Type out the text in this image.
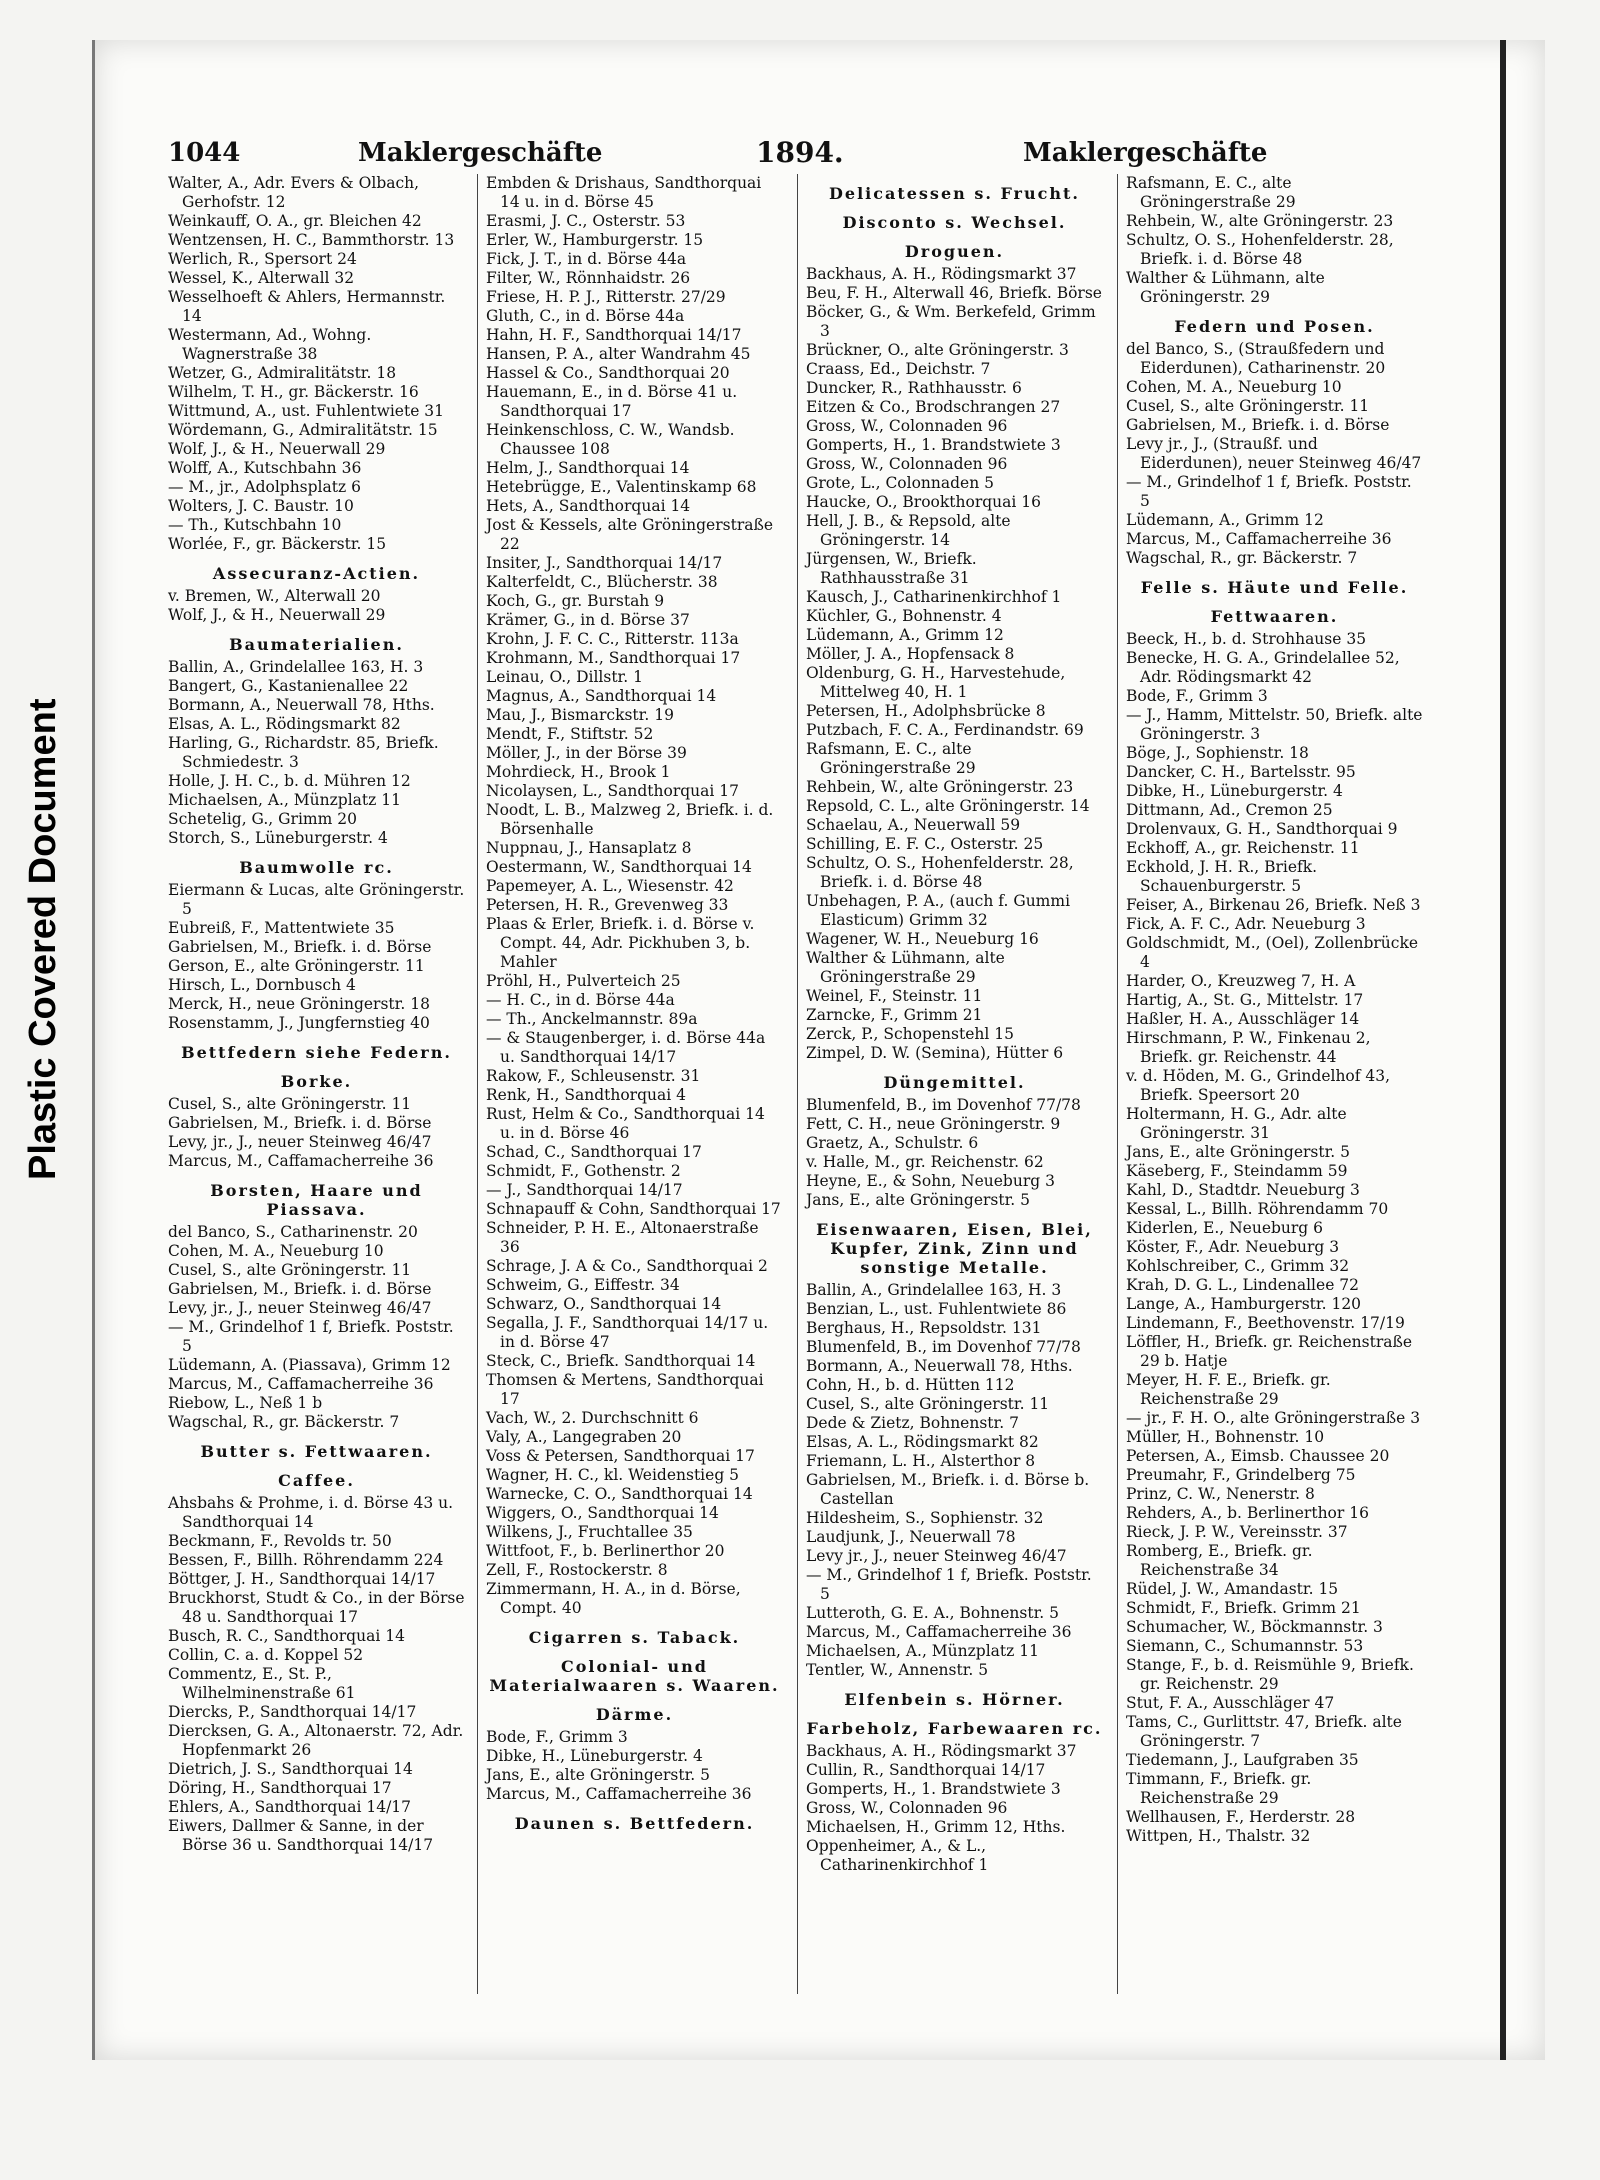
Plastic Covered Document
1044	Maklergeschäfte	1894.	Maklergeschäfte
Walter, A., Adr. Evers & Olbach, Gerhofstr. 12
Weinkauff, O. A., gr. Bleichen 42
Wentzensen, H. C., Bammthorstr. 13
Werlich, R., Spersort 24
Wessel, K., Alterwall 32
Wesselhoeft & Ahlers, Hermannstr. 14
Westermann, Ad., Wohng. Wagnerstraße 38
Wetzer, G., Admiralitätstr. 18
Wilhelm, T. H., gr. Bäckerstr. 16
Wittmund, A., ust. Fuhlentwiete 31
Wördemann, G., Admiralitätstr. 15
Wolf, J., & H., Neuerwall 29
Wolff, A., Kutschbahn 36
— M., jr., Adolphsplatz 6
Wolters, J. C. Baustr. 10
— Th., Kutschbahn 10
Worlée, F., gr. Bäckerstr. 15
Assecuranz-Actien.
v. Bremen, W., Alterwall 20
Wolf, J., & H., Neuerwall 29
Baumaterialien.
Ballin, A., Grindelallee 163, H. 3
Bangert, G., Kastanienallee 22
Bormann, A., Neuerwall 78, Hths.
Elsas, A. L., Rödingsmarkt 82
Harling, G., Richardstr. 85, Briefk. Schmiedestr. 3
Holle, J. H. C., b. d. Mühren 12
Michaelsen, A., Münzplatz 11
Schetelig, G., Grimm 20
Storch, S., Lüneburgerstr. 4
Baumwolle rc.
Eiermann & Lucas, alte Gröningerstr. 5
Eubreiß, F., Mattentwiete 35
Gabrielsen, M., Briefk. i. d. Börse
Gerson, E., alte Gröningerstr. 11
Hirsch, L., Dornbusch 4
Merck, H., neue Gröningerstr. 18
Rosenstamm, J., Jungfernstieg 40
Bettfedern siehe Federn.
Borke.
Cusel, S., alte Gröningerstr. 11
Gabrielsen, M., Briefk. i. d. Börse
Levy, jr., J., neuer Steinweg 46/47
Marcus, M., Caffamacherreihe 36
Borsten, Haare und Piassava.
del Banco, S., Catharinenstr. 20
Cohen, M. A., Neueburg 10
Cusel, S., alte Gröningerstr. 11
Gabrielsen, M., Briefk. i. d. Börse
Levy, jr., J., neuer Steinweg 46/47
— M., Grindelhof 1 f, Briefk. Poststr. 5
Lüdemann, A. (Piassava), Grimm 12
Marcus, M., Caffamacherreihe 36
Riebow, L., Neß 1 b
Wagschal, R., gr. Bäckerstr. 7
Butter s. Fettwaaren.
Caffee.
Ahsbahs & Prohme, i. d. Börse 43 u. Sandthorquai 14
Beckmann, F., Revolds tr. 50
Bessen, F., Billh. Röhrendamm 224
Böttger, J. H., Sandthorquai 14/17
Bruckhorst, Studt & Co., in der Börse 48 u. Sandthorquai 17
Busch, R. C., Sandthorquai 14
Collin, C. a. d. Koppel 52
Commentz, E., St. P., Wilhelminenstraße 61
Diercks, P., Sandthorquai 14/17
Diercksen, G. A., Altonaerstr. 72, Adr. Hopfenmarkt 26
Dietrich, J. S., Sandthorquai 14
Döring, H., Sandthorquai 17
Ehlers, A., Sandthorquai 14/17
Eiwers, Dallmer & Sanne, in der Börse 36 u. Sandthorquai 14/17
Embden & Drishaus, Sandthorquai 14 u. in d. Börse 45
Erasmi, J. C., Osterstr. 53
Erler, W., Hamburgerstr. 15
Fick, J. T., in d. Börse 44a
Filter, W., Rönnhaidstr. 26
Friese, H. P. J., Ritterstr. 27/29
Gluth, C., in d. Börse 44a
Hahn, H. F., Sandthorquai 14/17
Hansen, P. A., alter Wandrahm 45
Hassel & Co., Sandthorquai 20
Hauemann, E., in d. Börse 41 u. Sandthorquai 17
Heinkenschloss, C. W., Wandsb. Chaussee 108
Helm, J., Sandthorquai 14
Hetebrügge, E., Valentinskamp 68
Hets, A., Sandthorquai 14
Jost & Kessels, alte Gröningerstraße 22
Insiter, J., Sandthorquai 14/17
Kalterfeldt, C., Blücherstr. 38
Koch, G., gr. Burstah 9
Krämer, G., in d. Börse 37
Krohn, J. F. C. C., Ritterstr. 113a
Krohmann, M., Sandthorquai 17
Leinau, O., Dillstr. 1
Magnus, A., Sandthorquai 14
Mau, J., Bismarckstr. 19
Mendt, F., Stiftstr. 52
Möller, J., in der Börse 39
Mohrdieck, H., Brook 1
Nicolaysen, L., Sandthorquai 17
Noodt, L. B., Malzweg 2, Briefk. i. d. Börsenhalle
Nuppnau, J., Hansaplatz 8
Oestermann, W., Sandthorquai 14
Papemeyer, A. L., Wiesenstr. 42
Petersen, H. R., Grevenweg 33
Plaas & Erler, Briefk. i. d. Börse v. Compt. 44, Adr. Pickhuben 3, b. Mahler
Pröhl, H., Pulverteich 25
— H. C., in d. Börse 44a
— Th., Anckelmannstr. 89a
— & Staugenberger, i. d. Börse 44a u. Sandthorquai 14/17
Rakow, F., Schleusenstr. 31
Renk, H., Sandthorquai 4
Rust, Helm & Co., Sandthorquai 14 u. in d. Börse 46
Schad, C., Sandthorquai 17
Schmidt, F., Gothenstr. 2
— J., Sandthorquai 14/17
Schnapauff & Cohn, Sandthorquai 17
Schneider, P. H. E., Altonaerstraße 36
Schrage, J. A & Co., Sandthorquai 2
Schweim, G., Eiffestr. 34
Schwarz, O., Sandthorquai 14
Segalla, J. F., Sandthorquai 14/17 u. in d. Börse 47
Steck, C., Briefk. Sandthorquai 14
Thomsen & Mertens, Sandthorquai 17
Vach, W., 2. Durchschnitt 6
Valy, A., Langegraben 20
Voss & Petersen, Sandthorquai 17
Wagner, H. C., kl. Weidenstieg 5
Warnecke, C. O., Sandthorquai 14
Wiggers, O., Sandthorquai 14
Wilkens, J., Fruchtallee 35
Wittfoot, F., b. Berlinerthor 20
Zell, F., Rostockerstr. 8
Zimmermann, H. A., in d. Börse, Compt. 40
Cigarren s. Taback.
Colonial- und Materialwaaren s. Waaren.
Därme.
Bode, F., Grimm 3
Dibke, H., Lüneburgerstr. 4
Jans, E., alte Gröningerstr. 5
Marcus, M., Caffamacherreihe 36
Daunen s. Bettfedern.
Delicatessen s. Frucht.
Disconto s. Wechsel.
Droguen.
Backhaus, A. H., Rödingsmarkt 37
Beu, F. H., Alterwall 46, Briefk. Börse
Böcker, G., & Wm. Berkefeld, Grimm 3
Brückner, O., alte Gröningerstr. 3
Craass, Ed., Deichstr. 7
Duncker, R., Rathhausstr. 6
Eitzen & Co., Brodschrangen 27
Gross, W., Colonnaden 96
Gomperts, H., 1. Brandstwiete 3
Gross, W., Colonnaden 96
Grote, L., Colonnaden 5
Haucke, O., Brookthorquai 16
Hell, J. B., & Repsold, alte Gröningerstr. 14
Jürgensen, W., Briefk. Rathhausstraße 31
Kausch, J., Catharinenkirchhof 1
Küchler, G., Bohnenstr. 4
Lüdemann, A., Grimm 12
Möller, J. A., Hopfensack 8
Oldenburg, G. H., Harvestehude, Mittelweg 40, H. 1
Petersen, H., Adolphsbrücke 8
Putzbach, F. C. A., Ferdinandstr. 69
Rafsmann, E. C., alte Gröningerstraße 29
Rehbein, W., alte Gröningerstr. 23
Repsold, C. L., alte Gröningerstr. 14
Schaelau, A., Neuerwall 59
Schilling, E. F. C., Osterstr. 25
Schultz, O. S., Hohenfelderstr. 28, Briefk. i. d. Börse 48
Unbehagen, P. A., (auch f. Gummi Elasticum) Grimm 32
Wagener, W. H., Neueburg 16
Walther & Lühmann, alte Gröningerstraße 29
Weinel, F., Steinstr. 11
Zarncke, F., Grimm 21
Zerck, P., Schopenstehl 15
Zimpel, D. W. (Semina), Hütter 6
Düngemittel.
Blumenfeld, B., im Dovenhof 77/78
Fett, C. H., neue Gröningerstr. 9
Graetz, A., Schulstr. 6
v. Halle, M., gr. Reichenstr. 62
Heyne, E., & Sohn, Neueburg 3
Jans, E., alte Gröningerstr. 5
Eisenwaaren, Eisen, Blei, Kupfer, Zink, Zinn und sonstige Metalle.
Ballin, A., Grindelallee 163, H. 3
Benzian, L., ust. Fuhlentwiete 86
Berghaus, H., Repsoldstr. 131
Blumenfeld, B., im Dovenhof 77/78
Bormann, A., Neuerwall 78, Hths.
Cohn, H., b. d. Hütten 112
Cusel, S., alte Gröningerstr. 11
Dede & Zietz, Bohnenstr. 7
Elsas, A. L., Rödingsmarkt 82
Friemann, L. H., Alsterthor 8
Gabrielsen, M., Briefk. i. d. Börse b. Castellan
Hildesheim, S., Sophienstr. 32
Laudjunk, J., Neuerwall 78
Levy jr., J., neuer Steinweg 46/47
— M., Grindelhof 1 f, Briefk. Poststr. 5
Lutteroth, G. E. A., Bohnenstr. 5
Marcus, M., Caffamacherreihe 36
Michaelsen, A., Münzplatz 11
Tentler, W., Annenstr. 5
Elfenbein s. Hörner.
Farbeholz, Farbewaaren rc.
Backhaus, A. H., Rödingsmarkt 37
Cullin, R., Sandthorquai 14/17
Gomperts, H., 1. Brandstwiete 3
Gross, W., Colonnaden 96
Michaelsen, H., Grimm 12, Hths.
Oppenheimer, A., & L., Catharinenkirchhof 1
Rafsmann, E. C., alte Gröningerstraße 29
Rehbein, W., alte Gröningerstr. 23
Schultz, O. S., Hohenfelderstr. 28, Briefk. i. d. Börse 48
Walther & Lühmann, alte Gröningerstr. 29
Federn und Posen.
del Banco, S., (Straußfedern und Eiderdunen), Catharinenstr. 20
Cohen, M. A., Neueburg 10
Cusel, S., alte Gröningerstr. 11
Gabrielsen, M., Briefk. i. d. Börse
Levy jr., J., (Straußf. und Eiderdunen), neuer Steinweg 46/47
— M., Grindelhof 1 f, Briefk. Poststr. 5
Lüdemann, A., Grimm 12
Marcus, M., Caffamacherreihe 36
Wagschal, R., gr. Bäckerstr. 7
Felle s. Häute und Felle.
Fettwaaren.
Beeck, H., b. d. Strohhause 35
Benecke, H. G. A., Grindelallee 52, Adr. Rödingsmarkt 42
Bode, F., Grimm 3
— J., Hamm, Mittelstr. 50, Briefk. alte Gröningerstr. 3
Böge, J., Sophienstr. 18
Dancker, C. H., Bartelsstr. 95
Dibke, H., Lüneburgerstr. 4
Dittmann, Ad., Cremon 25
Drolenvaux, G. H., Sandthorquai 9
Eckhoff, A., gr. Reichenstr. 11
Eckhold, J. H. R., Briefk. Schauenburgerstr. 5
Feiser, A., Birkenau 26, Briefk. Neß 3
Fick, A. F. C., Adr. Neueburg 3
Goldschmidt, M., (Oel), Zollenbrücke 4
Harder, O., Kreuzweg 7, H. A
Hartig, A., St. G., Mittelstr. 17
Haßler, H. A., Ausschläger 14
Hirschmann, P. W., Finkenau 2, Briefk. gr. Reichenstr. 44
v. d. Höden, M. G., Grindelhof 43, Briefk. Speersort 20
Holtermann, H. G., Adr. alte Gröningerstr. 31
Jans, E., alte Gröningerstr. 5
Käseberg, F., Steindamm 59
Kahl, D., Stadtdr. Neueburg 3
Kessal, L., Billh. Röhrendamm 70
Kiderlen, E., Neueburg 6
Köster, F., Adr. Neueburg 3
Kohlschreiber, C., Grimm 32
Krah, D. G. L., Lindenallee 72
Lange, A., Hamburgerstr. 120
Lindemann, F., Beethovenstr. 17/19
Löffler, H., Briefk. gr. Reichenstraße 29 b. Hatje
Meyer, H. F. E., Briefk. gr. Reichenstraße 29
— jr., F. H. O., alte Gröningerstraße 3
Müller, H., Bohnenstr. 10
Petersen, A., Eimsb. Chaussee 20
Preumahr, F., Grindelberg 75
Prinz, C. W., Nenerstr. 8
Rehders, A., b. Berlinerthor 16
Rieck, J. P. W., Vereinsstr. 37
Romberg, E., Briefk. gr. Reichenstraße 34
Rüdel, J. W., Amandastr. 15
Schmidt, F., Briefk. Grimm 21
Schumacher, W., Böckmannstr. 3
Siemann, C., Schumannstr. 53
Stange, F., b. d. Reismühle 9, Briefk. gr. Reichenstr. 29
Stut, F. A., Ausschläger 47
Tams, C., Gurlittstr. 47, Briefk. alte Gröningerstr. 7
Tiedemann, J., Laufgraben 35
Timmann, F., Briefk. gr. Reichenstraße 29
Wellhausen, F., Herderstr. 28
Wittpen, H., Thalstr. 32
